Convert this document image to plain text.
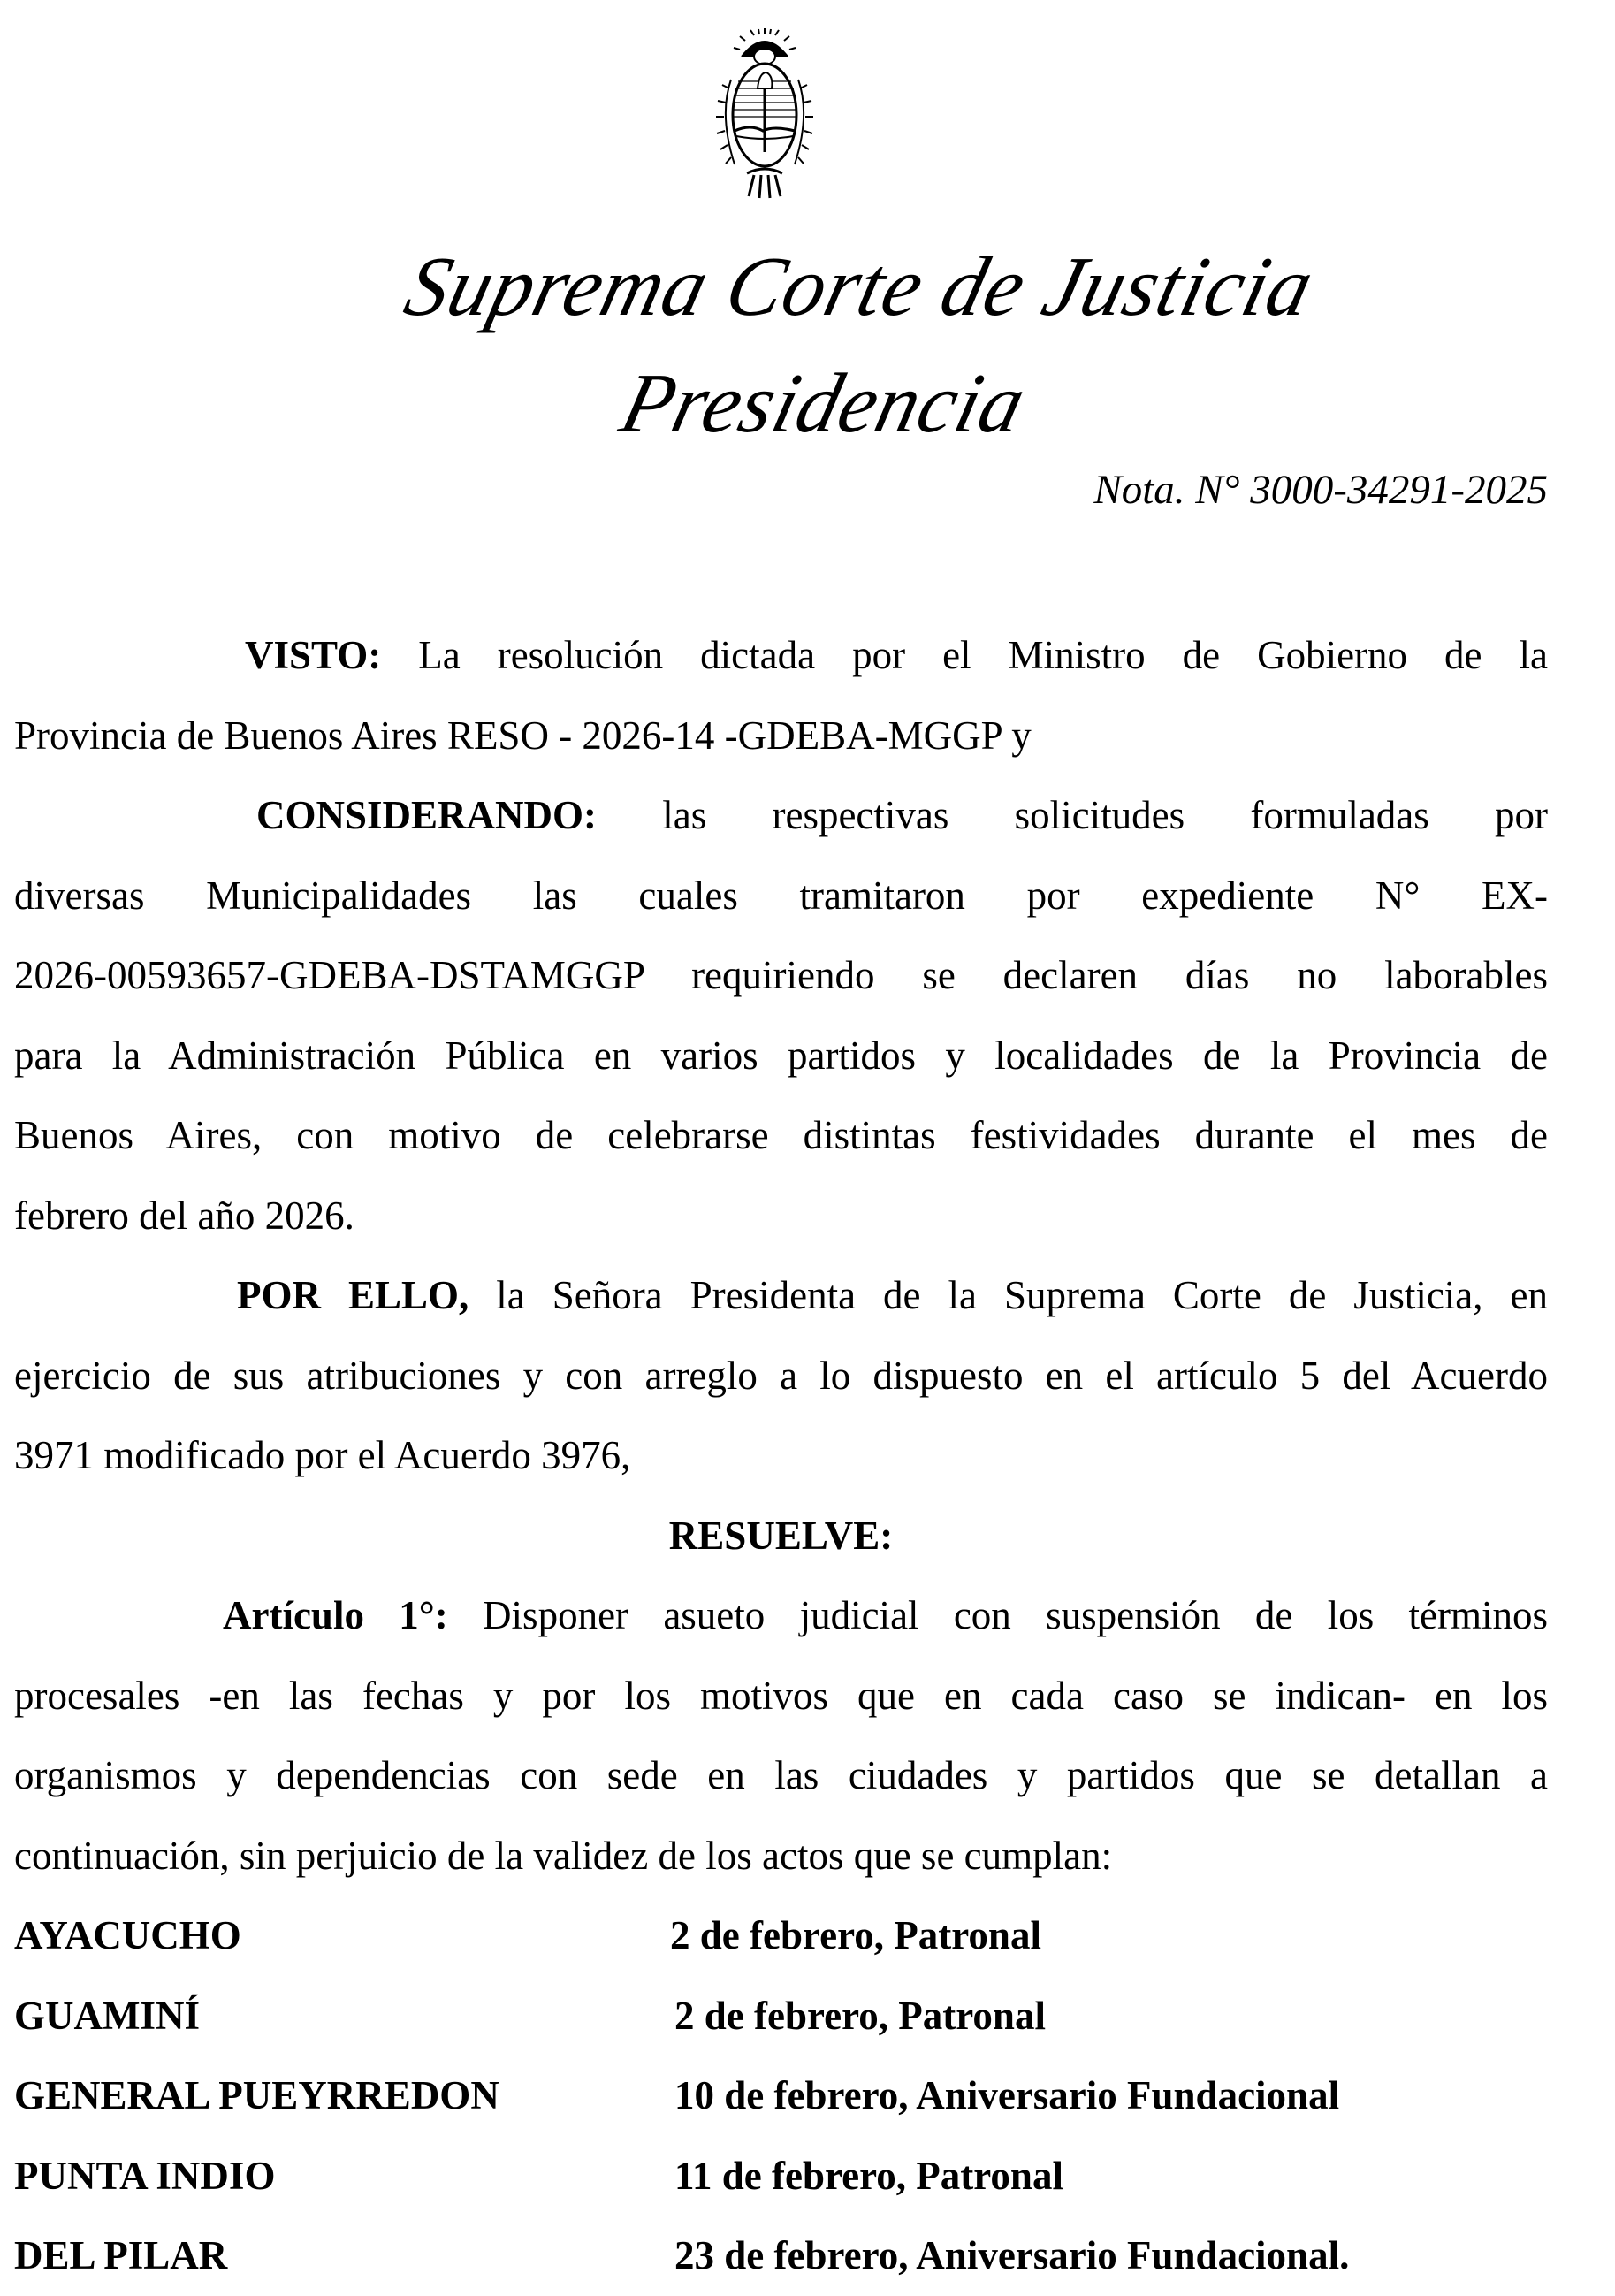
Suprema Corte de Justicia
Presidencia
Nota. N° 3000-34291-2025
VISTO: La resolución dictada por el Ministro de Gobierno de la
Provincia de Buenos Aires RESO - 2026-14 -GDEBA-MGGP y
CONSIDERANDO: las respectivas solicitudes formuladas por
diversas Municipalidades las cuales tramitaron por expediente N° EX-
2026-00593657-GDEBA-DSTAMGGP requiriendo se declaren días no laborables
para la Administración Pública en varios partidos y localidades de la Provincia de
Buenos Aires, con motivo de celebrarse distintas festividades durante el mes de
febrero del año 2026.
POR ELLO, la Señora Presidenta de la Suprema Corte de Justicia, en
ejercicio de sus atribuciones y con arreglo a lo dispuesto en el artículo 5 del Acuerdo
3971 modificado por el Acuerdo 3976,

RESUELVE:

Artículo 1°: Disponer asueto judicial con suspensión de los términos
procesales -en las fechas y por los motivos que en cada caso se indican- en los
organismos y dependencias con sede en las ciudades y partidos que se detallan a
continuación, sin perjuicio de la validez de los actos que se cumplan:
AYACUCHO	2 de febrero, Patronal
GUAMINÍ	2 de febrero, Patronal
GENERAL PUEYRREDON	10 de febrero, Aniversario Fundacional
PUNTA INDIO	11 de febrero, Patronal
DEL PILAR	23 de febrero, Aniversario Fundacional.
